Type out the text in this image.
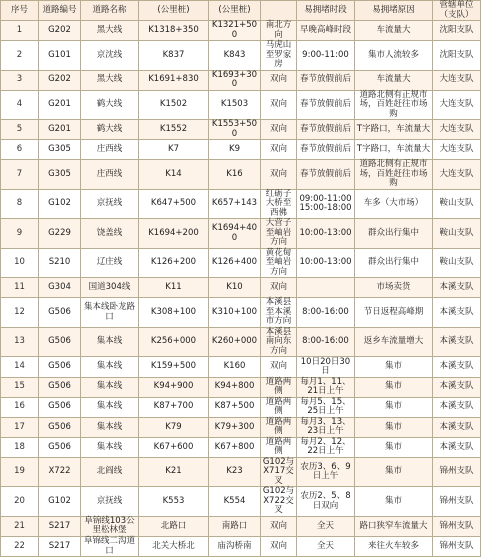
序号	道路编号	道路名称	(公里桩)	(公里桩)		易拥堵时段	易拥堵原因	管辖单位（支队）
1	G202	黑大线	K1318+350	K1321+500	南北方向	早晚高峰时段	车流量大	沈阳支队
2	G101	京沈线	K837	K843	马虎山至罗家房	9:00-11:00	集市人流较多	沈阳支队
3	G202	黑大线	K1691+830	K1693+300	双向	春节放假前后	车流量大	大连支队
4	G201	鹤大线	K1502	K1503	双向	春节放假前后	道路北侧有正规市场，百姓赶往市场购	大连支队
5	G201	鹤大线	K1552	K1553+500	双向	春节放假前后	T字路口，车流量大	大连支队
6	G305	庄西线	K7	K9	双向	春节放假前后	T字路口，车流量大	大连支队
7	G305	庄西线	K14	K16	双向	春节放假前后	道路北侧有正规市场，百姓赶往市场购	大连支队
8	G102	京抚线	K647+500	K657+143	红砺子大桥至西佛	09:00-11:00 15:00-18:00	车多（大市场）	鞍山支队
9	G229	饶盖线	K1694+200	K1694+400	大营子至岫岩方向	10:00-13:00	群众出行集中	鞍山支队
10	S210	辽庄线	K126+200	K126+400	黄花甸至岫岩方向	10:00-13:00	群众出行集中	鞍山支队
11	G304	国道304线	K11	K10	双向		市场卖货	本溪支队
12	G506	集本线卧龙路口	K308+100	K310+100	本溪县至本溪市方向	8:00-16:00	节日返程高峰期	本溪支队
13	G506	集本线	K256+000	K260+000	本溪县南向东方向	8:00-16:00	返乡车流量增大	本溪支队
14	G506	集本线	K159+500	K160	双向	10日20日30日	集市	本溪支队
15	G506	集本线	K94+900	K94+800	道路两侧	每月1、11、21日上午	集市	本溪支队
16	G506	集本线	K87+700	K87+500	道路两侧	每月5、15、25日上午	集市	本溪支队
17	G506	集本线	K79	K79+300	道路两侧	每月3、13、23日上午	集市	本溪支队
18	G506	集本线	K67+600	K67+800	道路两侧	每月2、12、22日上午	集市	本溪支队
19	X722	北阎线	K21	K23	G102与X717交叉	农历3、6、9日上午	集市	锦州支队
20	G102	京抚线	K553	K554	G102与X722交叉	农历2、5、8日双向	集市	锦州支队
21	S217	阜锦线103公里松林堡	北路口	南路口	双向	全天	路口狭窄车流量大	锦州支队
22	S217	阜锦线二沟道口	北关大桥北	庙沟桥南	双向	全天	来往火车较多	锦州支队
